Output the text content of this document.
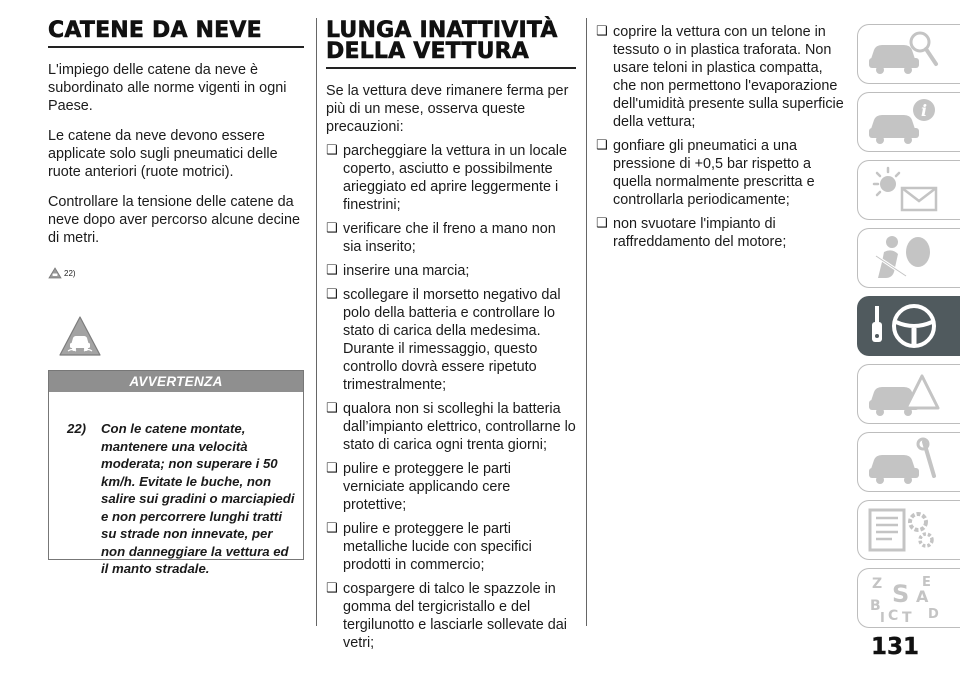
CATENE DA NEVE

L'impiego delle catene da neve è subordinato alle norme vigenti in ogni Paese.

Le catene da neve devono essere applicate solo sugli pneumatici delle ruote anteriori (ruote motrici).

Controllare la tensione delle catene da neve dopo aver percorso alcune decine di metri.

22)
AVVERTENZA
22)	Con le catene montate, mantenere una velocità moderata; non superare i 50 km/h. Evitate le buche, non salire sui gradini o marciapiedi e non percorrere lunghi tratti su strade non innevate, per non danneggiare la vettura ed il manto stradale.
LUNGA INATTIVITÀ
DELLA VETTURA

Se la vettura deve rimanere ferma per più di un mese, osserva queste precauzioni:

❑ parcheggiare la vettura in un locale coperto, asciutto e possibilmente arieggiato ed aprire leggermente i finestrini;
❑ verificare che il freno a mano non sia inserito;
❑ inserire una marcia;
❑ scollegare il morsetto negativo dal polo della batteria e controllare lo stato di carica della medesima. Durante il rimessaggio, questo controllo dovrà essere ripetuto trimestralmente;
❑ qualora non si scolleghi la batteria dall’impianto elettrico, controllarne lo stato di carica ogni trenta giorni;
❑ pulire e proteggere le parti verniciate applicando cere protettive;
❑ pulire e proteggere le parti metalliche lucide con specifici prodotti in commercio;
❑ cospargere di talco le spazzole in gomma del tergicristallo e del tergilunotto e lasciarle sollevate dai vetri;
❑ coprire la vettura con un telone in tessuto o in plastica traforata. Non usare teloni in plastica compatta, che non permettono l'evaporazione dell'umidità presente sulla superficie della vettura;
❑ gonfiare gli pneumatici a una pressione di +0,5 bar rispetto a quella normalmente prescritta e controllarla periodicamente;
❑ non svuotare l'impianto di raffreddamento del motore;
i
Z	E
A
B
C T D
S
I
131
